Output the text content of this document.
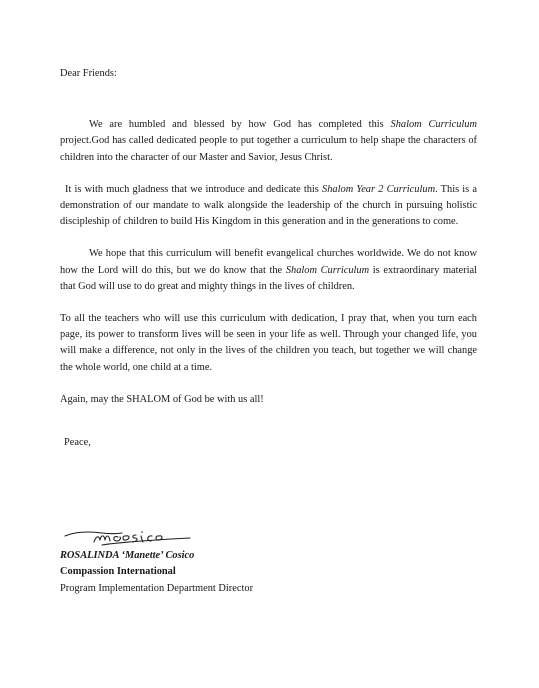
Dear Friends:

We are humbled and blessed by how God has completed this Shalom Curriculum project.God has called dedicated people to put together a curriculum to help shape the characters of children into the character of our Master and Savior, Jesus Christ.

It is with much gladness that we introduce and dedicate this Shalom Year 2 Curriculum. This is a demonstration of our mandate to walk alongside the leadership of the church in pursuing holistic discipleship of children to build His Kingdom in this generation and in the generations to come.

We hope that this curriculum will benefit evangelical churches worldwide. We do not know how the Lord will do this, but we do know that the Shalom Curriculum is extraordinary material that God will use to do great and mighty things in the lives of children.

To all the teachers who will use this curriculum with dedication, I pray that, when you turn each page, its power to transform lives will be seen in your life as well. Through your changed life, you will make a difference, not only in the lives of the children you teach, but together we will change the whole world, one child at a time.

Again, may the SHALOM of God be with us all!

Peace,

ROSALINDA ‘Manette’ Cosico
Compassion International
Program Implementation Department Director
